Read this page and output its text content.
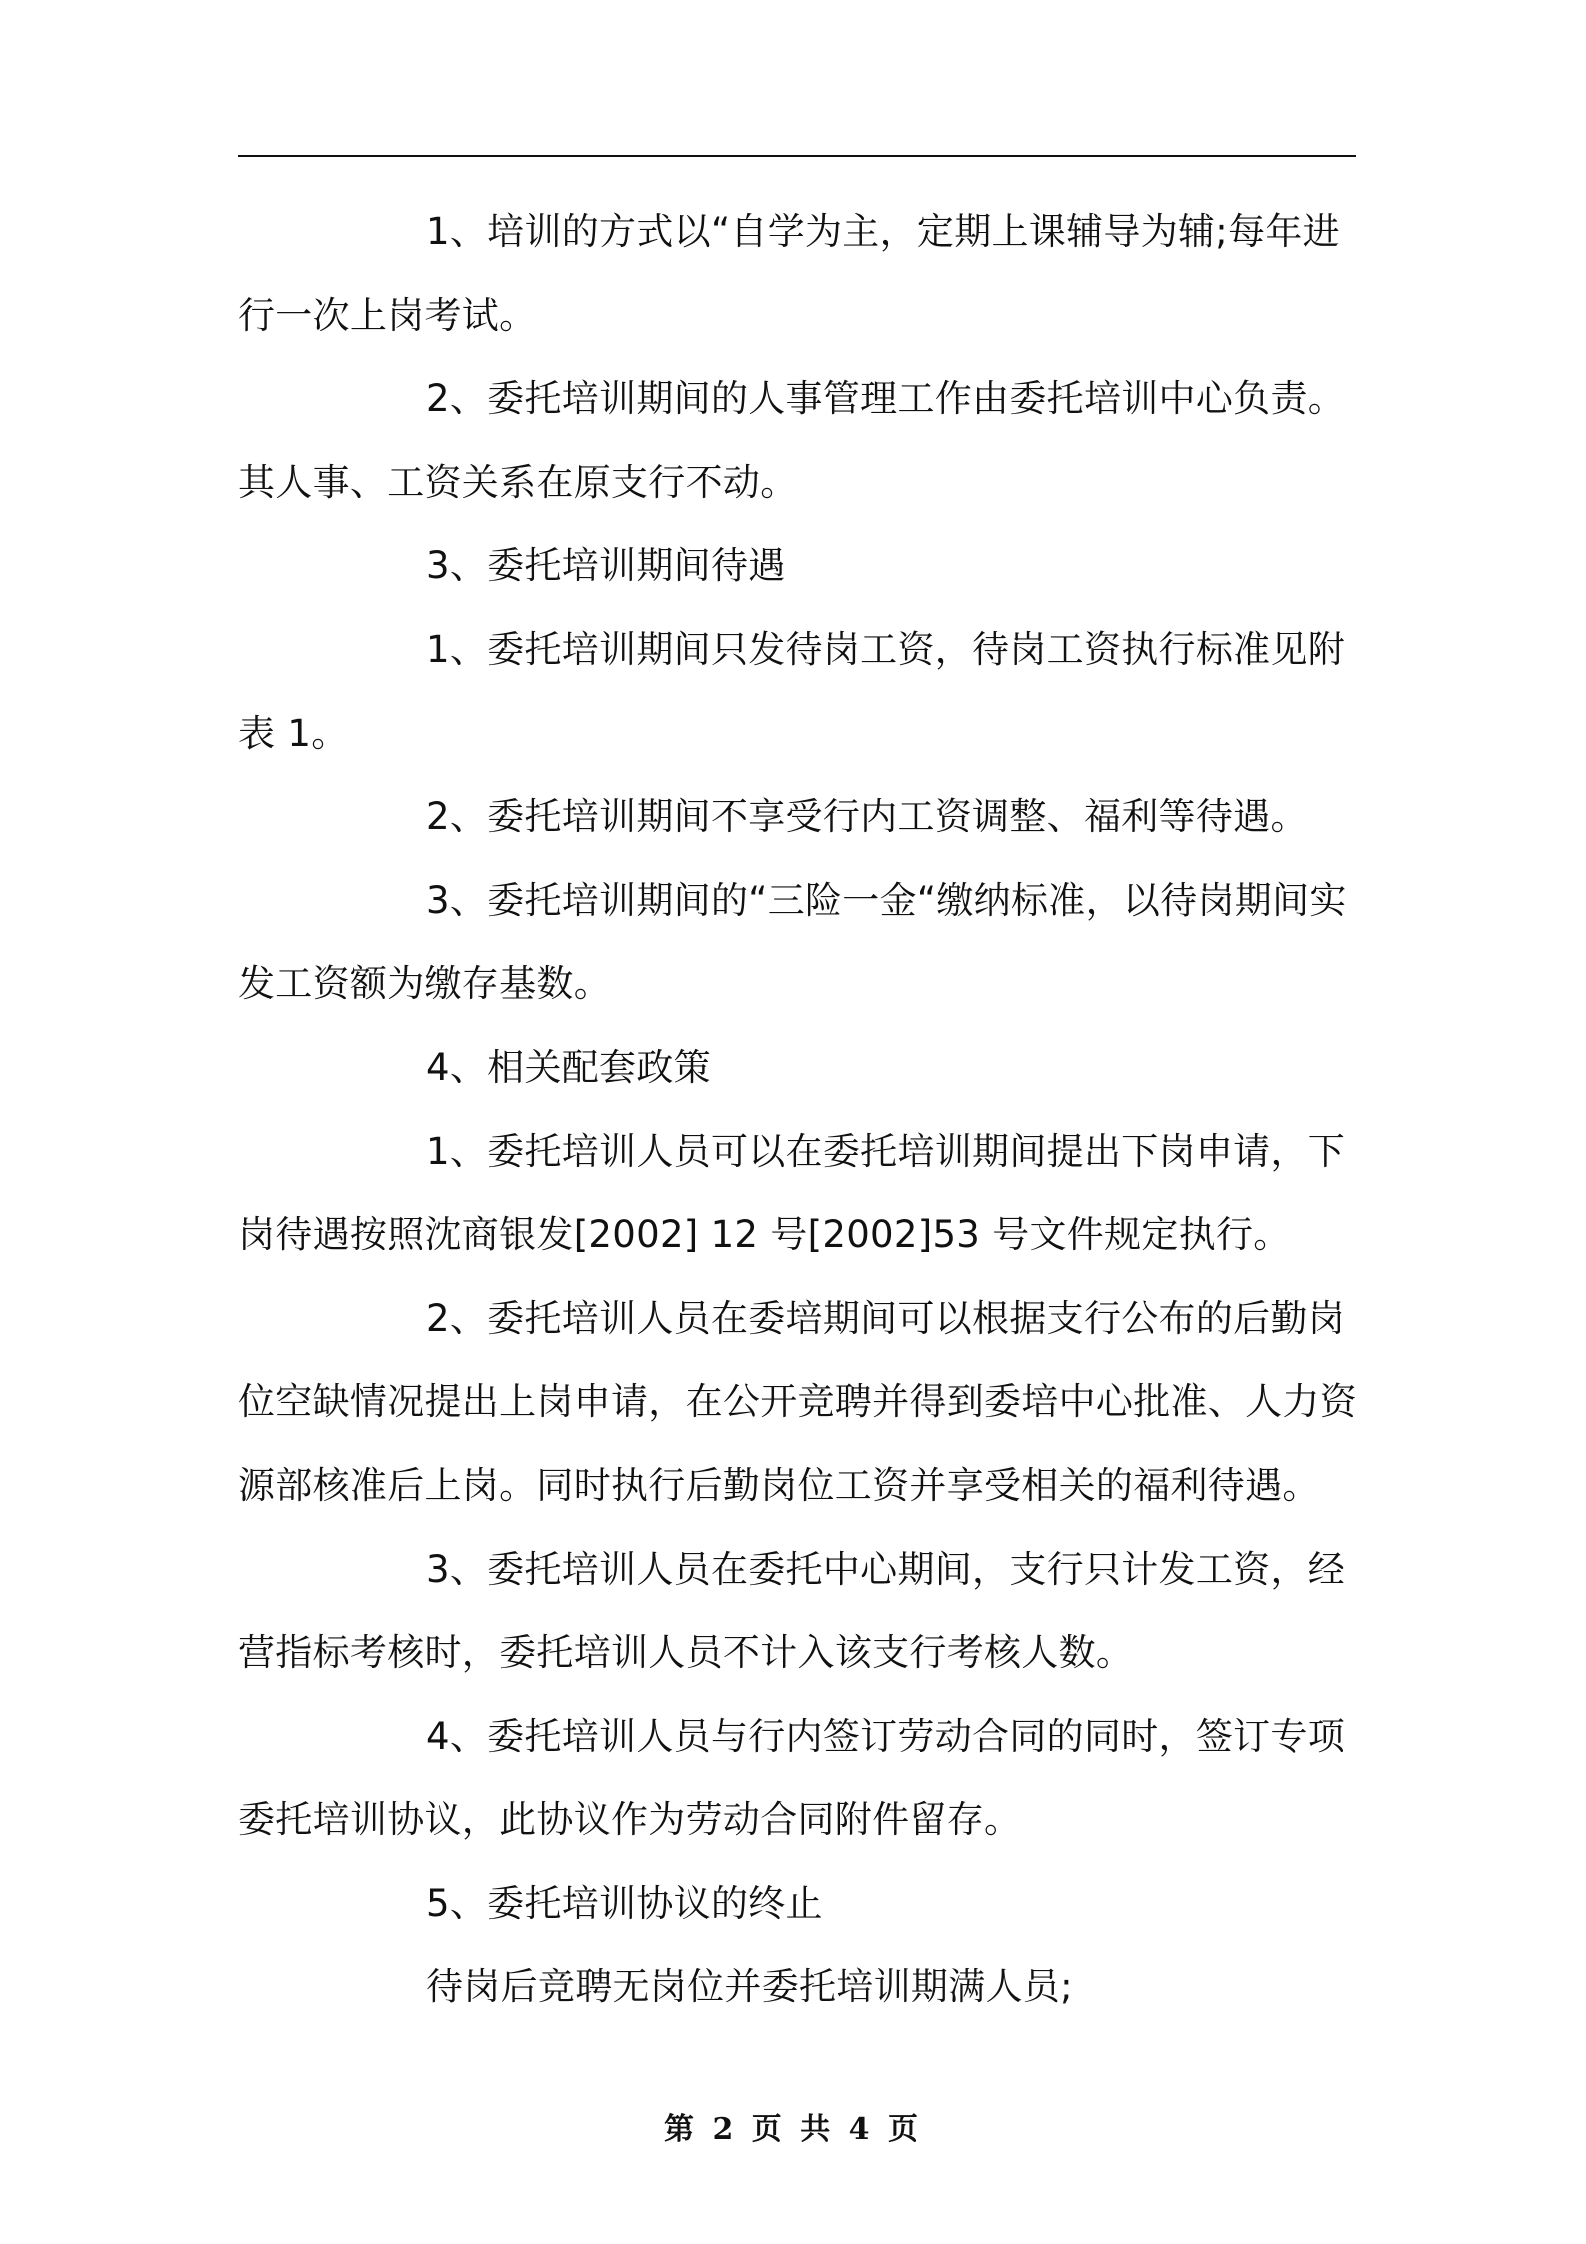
1、培训的方式以“自学为主，定期上课辅导为辅;每年进行一次上岗考试。

2、委托培训期间的人事管理工作由委托培训中心负责。其人事、工资关系在原支行不动。

3、委托培训期间待遇

1、委托培训期间只发待岗工资，待岗工资执行标准见附表 1。

2、委托培训期间不享受行内工资调整、福利等待遇。

3、委托培训期间的“三险一金“缴纳标准，以待岗期间实发工资额为缴存基数。

4、相关配套政策

1、委托培训人员可以在委托培训期间提出下岗申请，下岗待遇按照沈商银发[2002] 12 号[2002]53 号文件规定执行。

2、委托培训人员在委培期间可以根据支行公布的后勤岗位空缺情况提出上岗申请，在公开竞聘并得到委培中心批准、人力资源部核准后上岗。同时执行后勤岗位工资并享受相关的福利待遇。

3、委托培训人员在委托中心期间，支行只计发工资，经营指标考核时，委托培训人员不计入该支行考核人数。

4、委托培训人员与行内签订劳动合同的同时，签订专项委托培训协议，此协议作为劳动合同附件留存。

5、委托培训协议的终止

待岗后竞聘无岗位并委托培训期满人员;

第 2 页 共 4 页
